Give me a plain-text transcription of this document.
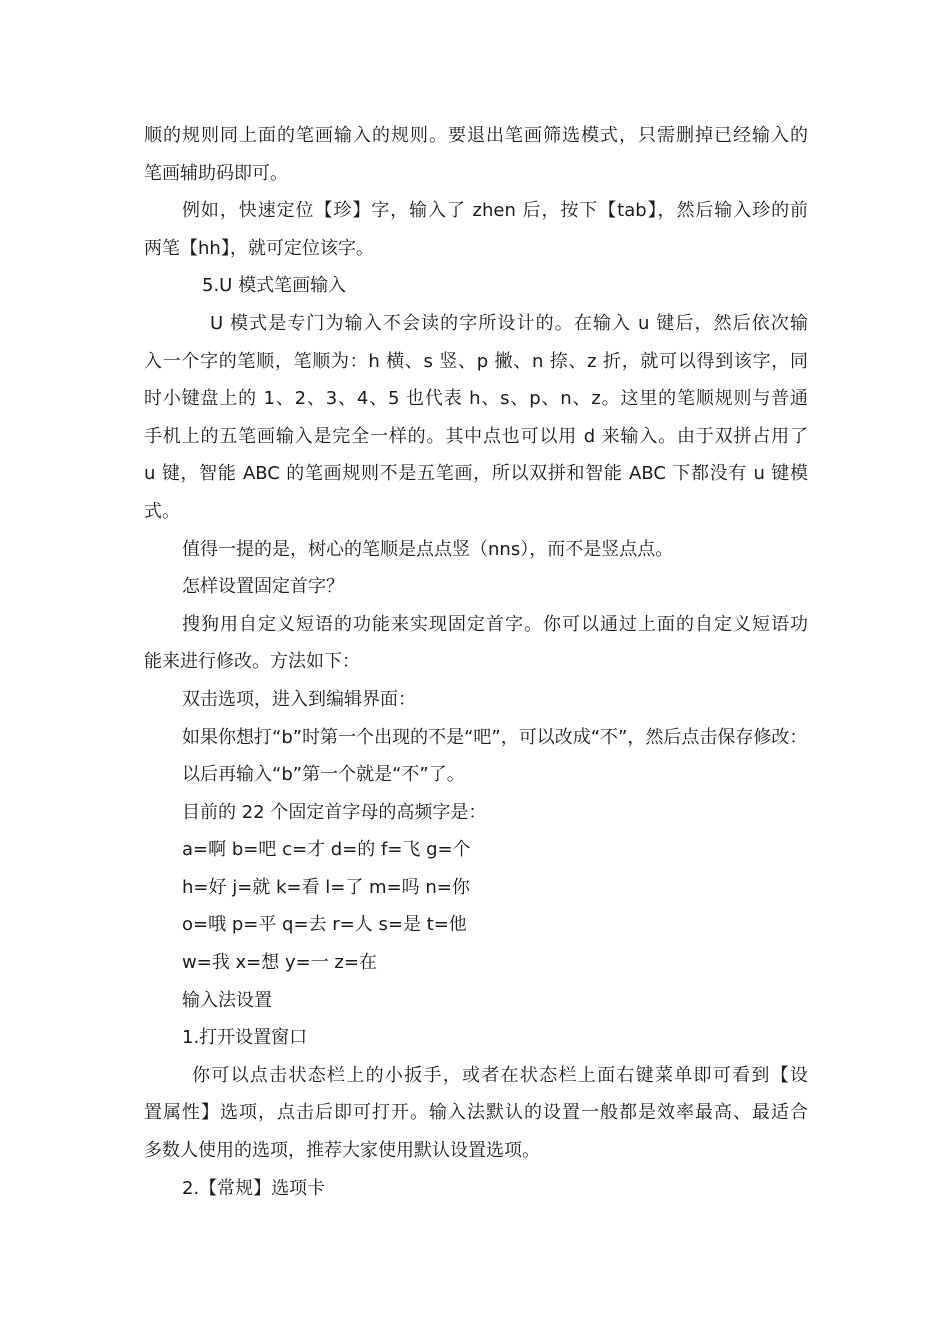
顺的规则同上面的笔画输入的规则。要退出笔画筛选模式，只需删掉已经输入的
笔画辅助码即可。
例如，快速定位【珍】字，输入了 zhen 后，按下【tab】，然后输入珍的前
两笔【hh】，就可定位该字。
5.U 模式笔画输入
U 模式是专门为输入不会读的字所设计的。在输入 u 键后，然后依次输
入一个字的笔顺，笔顺为：h 横、s 竖、p 撇、n 捺、z 折，就可以得到该字，同
时小键盘上的 1、2、3、4、5 也代表 h、s、p、n、z。这里的笔顺规则与普通
手机上的五笔画输入是完全一样的。其中点也可以用 d 来输入。由于双拼占用了
u 键，智能 ABC 的笔画规则不是五笔画，所以双拼和智能 ABC 下都没有 u 键模
式。
值得一提的是，树心的笔顺是点点竖（nns），而不是竖点点。
怎样设置固定首字？
搜狗用自定义短语的功能来实现固定首字。你可以通过上面的自定义短语功
能来进行修改。方法如下：
双击选项，进入到编辑界面：
如果你想打“b”时第一个出现的不是“吧”，可以改成“不”，然后点击保存修改：
以后再输入“b”第一个就是“不”了。
目前的 22 个固定首字母的高频字是：
a=啊 b=吧 c=才 d=的 f=飞 g=个
h=好 j=就 k=看 l=了 m=吗 n=你
o=哦 p=平 q=去 r=人 s=是 t=他
w=我 x=想 y=一 z=在
输入法设置
1.打开设置窗口
你可以点击状态栏上的小扳手，或者在状态栏上面右键菜单即可看到【设
置属性】选项，点击后即可打开。输入法默认的设置一般都是效率最高、最适合
多数人使用的选项，推荐大家使用默认设置选项。
2.【常规】选项卡
